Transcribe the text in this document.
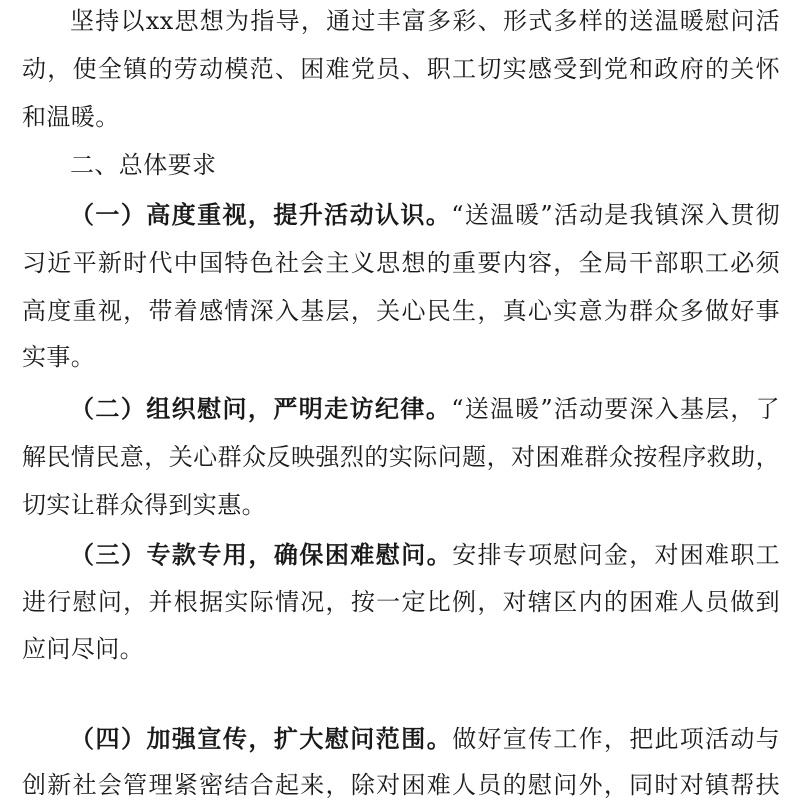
坚持以xx思想为指导，通过丰富多彩、形式多样的送温暖慰问活
动，使全镇的劳动模范、困难党员、职工切实感受到党和政府的关怀
和温暖。
二、总体要求
（一）高度重视，提升活动认识。“送温暖”活动是我镇深入贯彻
习近平新时代中国特色社会主义思想的重要内容，全局干部职工必须
高度重视，带着感情深入基层，关心民生，真心实意为群众多做好事
实事。
（二）组织慰问，严明走访纪律。“送温暖”活动要深入基层，了
解民情民意，关心群众反映强烈的实际问题，对困难群众按程序救助，
切实让群众得到实惠。
（三）专款专用，确保困难慰问。安排专项慰问金，对困难职工
进行慰问，并根据实际情况，按一定比例，对辖区内的困难人员做到
应问尽问。
（四）加强宣传，扩大慰问范围。做好宣传工作，把此项活动与
创新社会管理紧密结合起来，除对困难人员的慰问外，同时对镇帮扶
